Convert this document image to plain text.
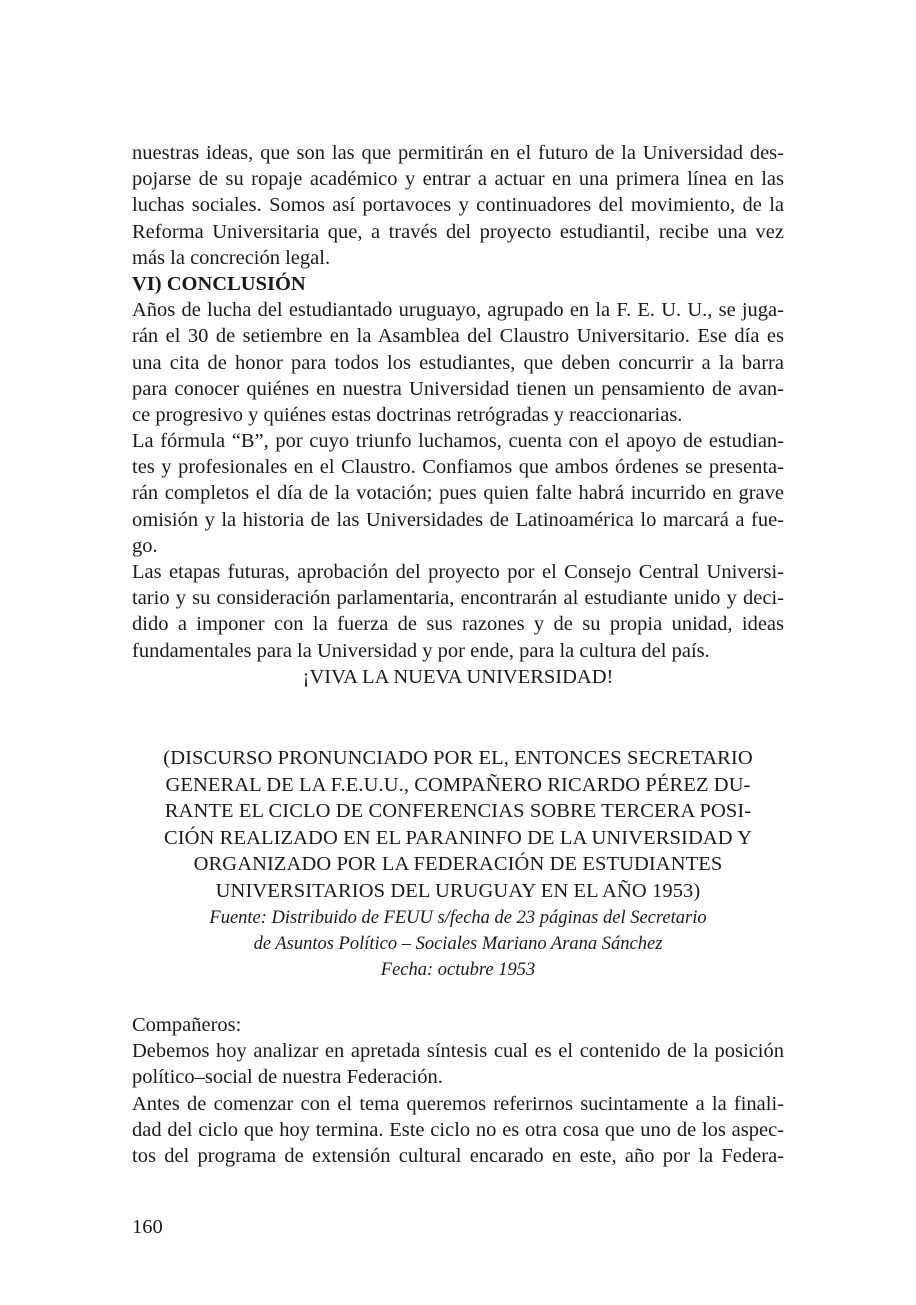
nuestras ideas, que son las que permitirán en el futuro de la Universidad des-
pojarse de su ropaje académico y entrar a actuar en una primera línea en las
luchas sociales. Somos así portavoces y continuadores del movimiento, de la
Reforma Universitaria que, a través del proyecto estudiantil, recibe una vez
más la concreción legal.
VI) CONCLUSIÓN
Años de lucha del estudiantado uruguayo, agrupado en la F. E. U. U., se juga-
rán el 30 de setiembre en la Asamblea del Claustro Universitario. Ese día es
una cita de honor para todos los estudiantes, que deben concurrir a la barra
para conocer quiénes en nuestra Universidad tienen un pensamiento de avan-
ce progresivo y quiénes estas doctrinas retrógradas y reaccionarias.
La fórmula “B”, por cuyo triunfo luchamos, cuenta con el apoyo de estudian-
tes y profesionales en el Claustro. Confiamos que ambos órdenes se presenta-
rán completos el día de la votación; pues quien falte habrá incurrido en grave
omisión y la historia de las Universidades de Latinoamérica lo marcará a fue-
go.
Las etapas futuras, aprobación del proyecto por el Consejo Central Universi-
tario y su consideración parlamentaria, encontrarán al estudiante unido y deci-
dido a imponer con la fuerza de sus razones y de su propia unidad, ideas
fundamentales para la Universidad y por ende, para la cultura del país.
¡VIVA LA NUEVA UNIVERSIDAD!
(DISCURSO PRONUNCIADO POR EL, ENTONCES SECRETARIO
GENERAL DE LA F.E.U.U., COMPAÑERO RICARDO PÉREZ DU-
RANTE EL CICLO DE CONFERENCIAS SOBRE TERCERA POSI-
CIÓN REALIZADO EN EL PARANINFO DE LA UNIVERSIDAD Y
ORGANIZADO POR LA FEDERACIÓN DE ESTUDIANTES
UNIVERSITARIOS DEL URUGUAY EN EL AÑO 1953)
Fuente: Distribuido de FEUU s/fecha de 23 páginas del Secretario
de Asuntos Político – Sociales Mariano Arana Sánchez
Fecha: octubre 1953
Compañeros:
Debemos hoy analizar en apretada síntesis cual es el contenido de la posición
político–social de nuestra Federación.
Antes de comenzar con el tema queremos referirnos sucintamente a la finali-
dad del ciclo que hoy termina. Este ciclo no es otra cosa que uno de los aspec-
tos del programa de extensión cultural encarado en este, año por la Federa-
160
